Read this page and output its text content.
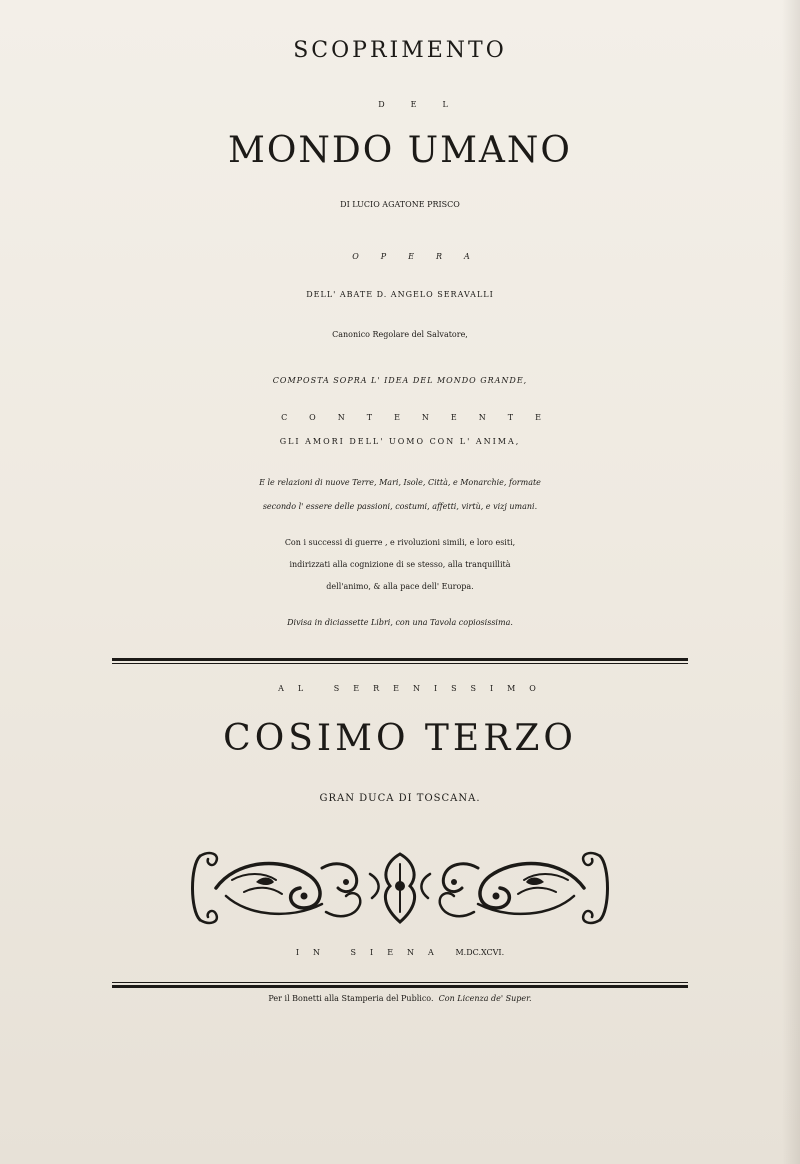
SCOPRIMENTO

DEL

MONDO UMANO

DI LUCIO AGATONE PRISCO

OPERA

DELL' ABATE D. ANGELO SERAVALLI

Canonico Regolare del Salvatore,

COMPOSTA SOPRA L' IDEA DEL MONDO GRANDE,

CONTENENTE

GLI AMORI DELL' UOMO CON L' ANIMA,

E le relazioni di nuove Terre, Mari, Isole, Città, e Monarchie, formate

secondo l' essere delle passioni, costumi, affetti, virtù, e vizj umani.

Con i successi di guerre , e rivoluzioni simili, e loro esiti,

indirizzati alla cognizione di se stesso, alla tranquillità

dell'animo, & alla pace dell' Europa.

Divisa in diciassette Libri, con una Tavola copiosissima.

AL SERENISSIMO

COSIMO TERZO

GRAN DUCA DI TOSCANA.

IN SIENA M.DC.XCVI.

Per il Bonetti alla Stamperia del Publico. Con Licenza de' Super.
